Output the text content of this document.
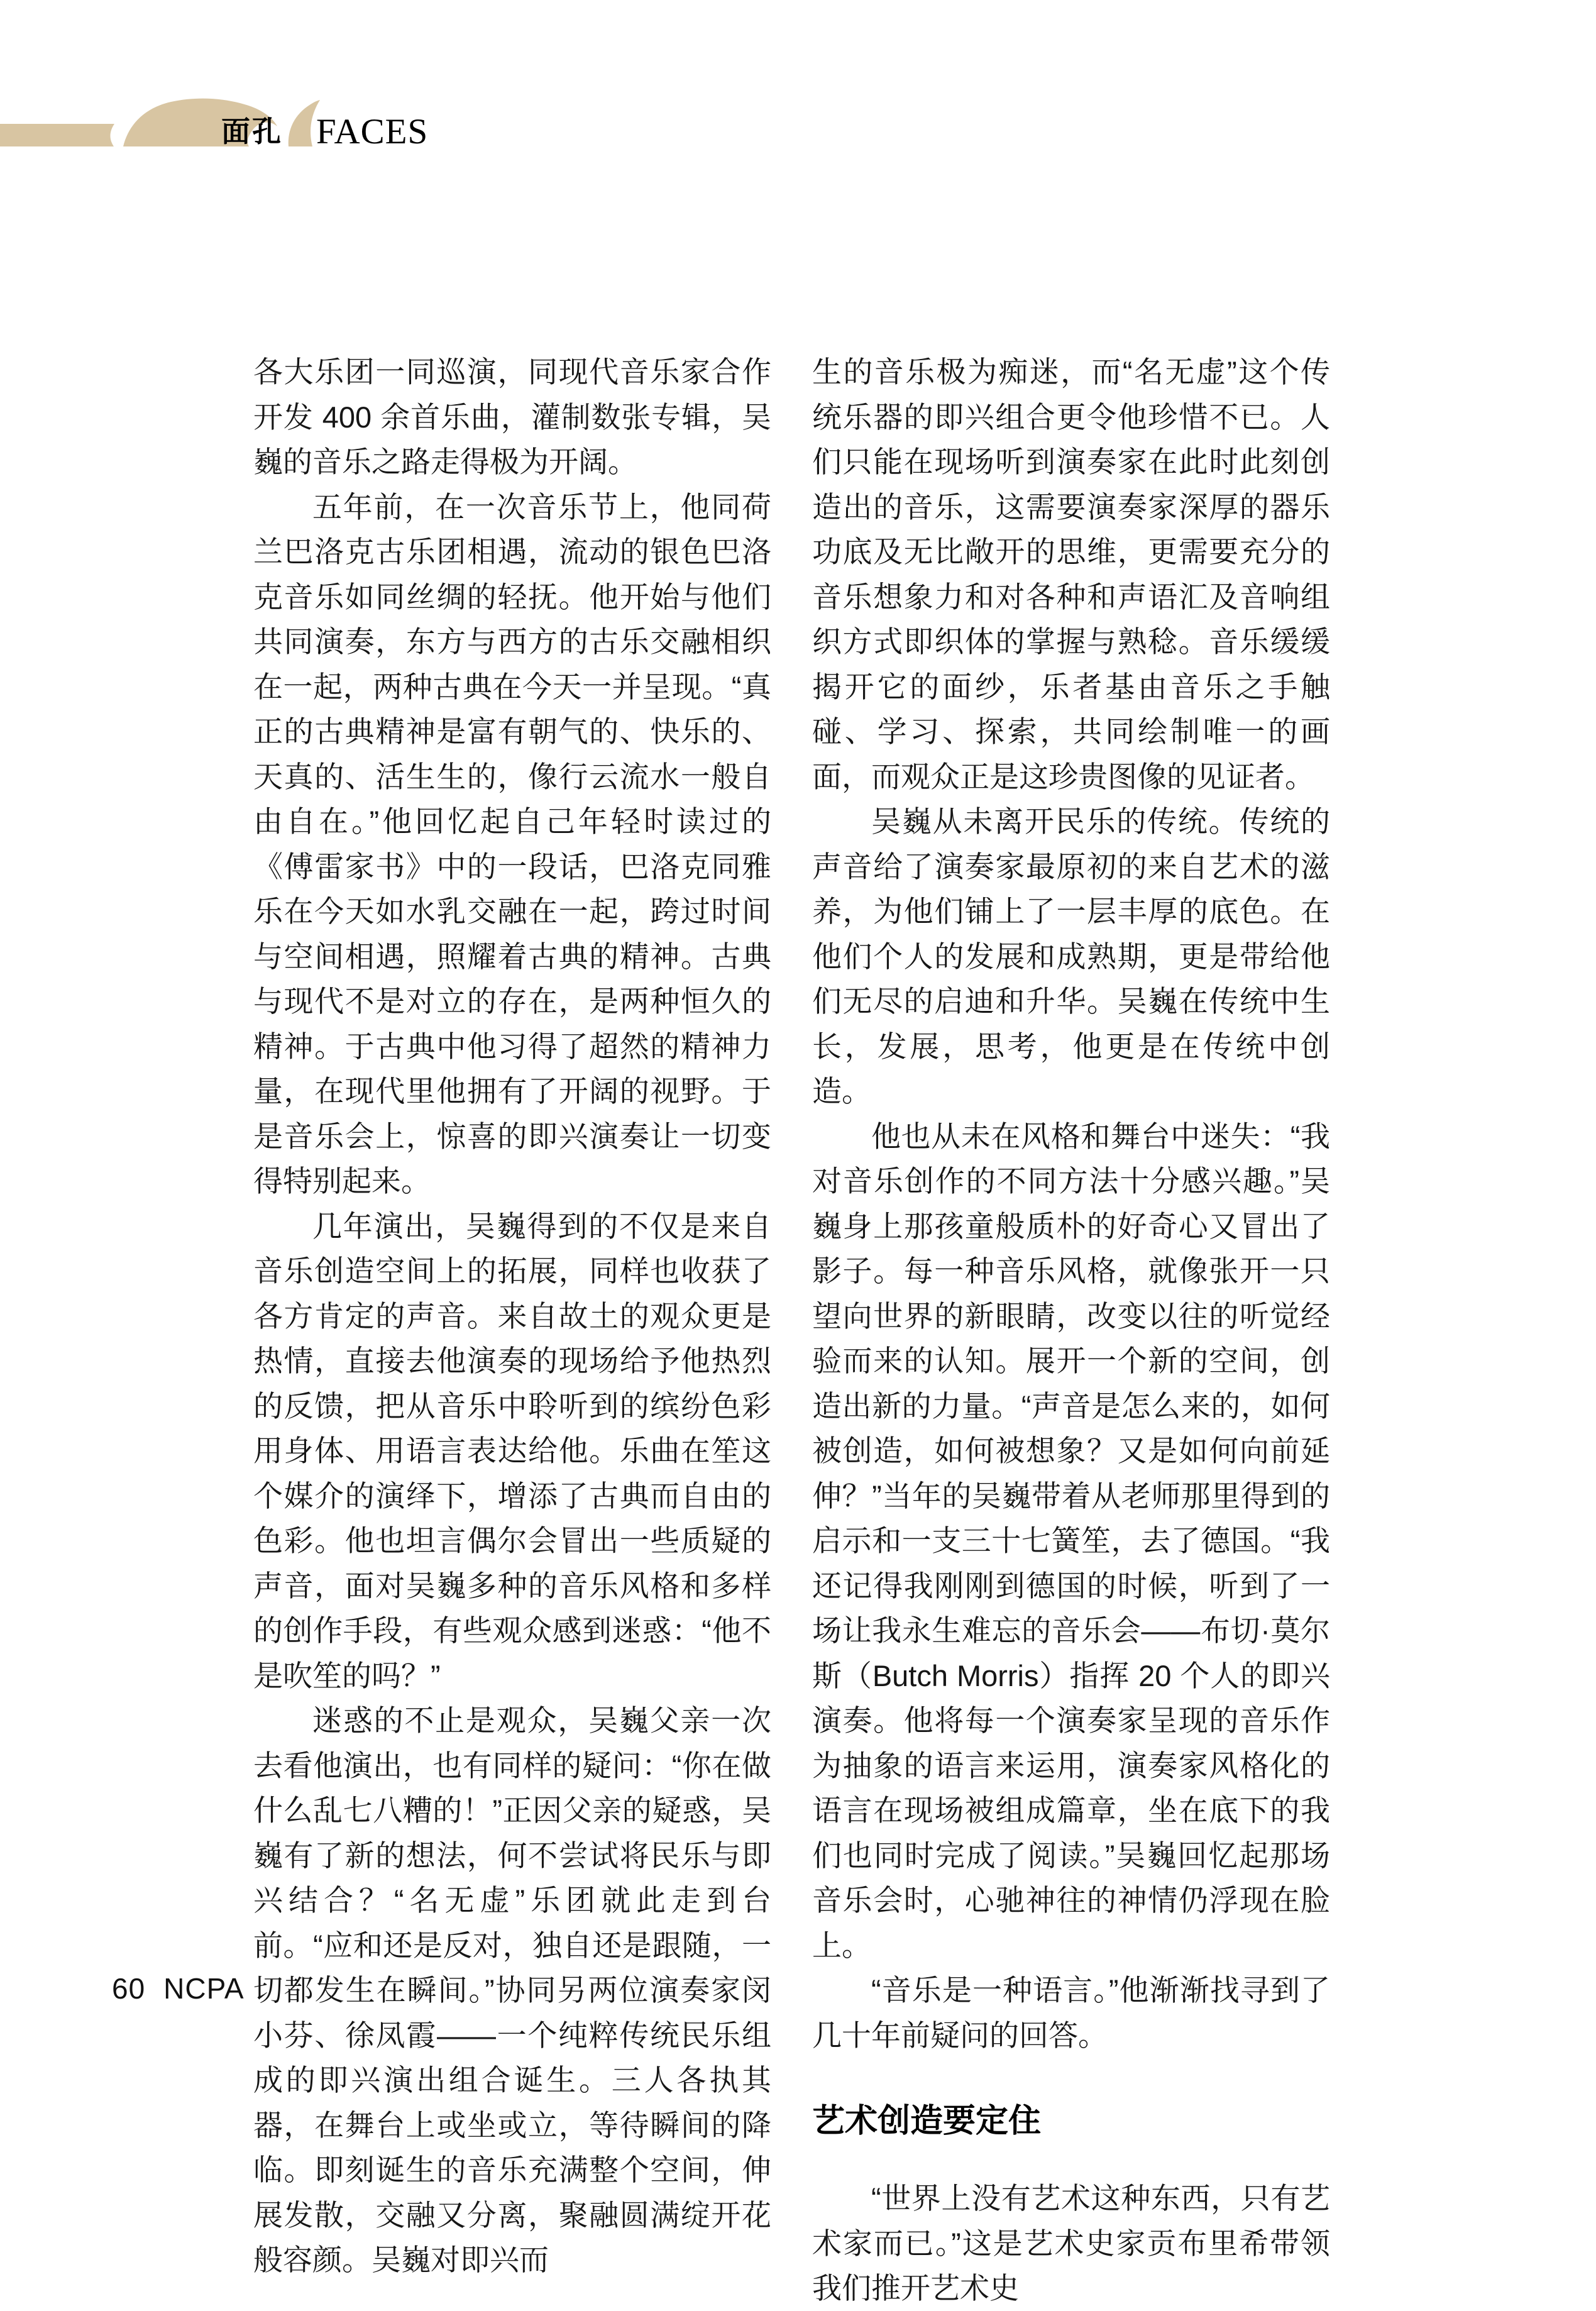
面孔 FACES

各大乐团一同巡演，同现代音乐家合作开发 400 余首乐曲，灌制数张专辑，吴巍的音乐之路走得极为开阔。

五年前，在一次音乐节上，他同荷兰巴洛克古乐团相遇，流动的银色巴洛克音乐如同丝绸的轻抚。他开始与他们共同演奏，东方与西方的古乐交融相织在一起，两种古典在今天一并呈现。“真正的古典精神是富有朝气的、快乐的、天真的、活生生的，像行云流水一般自由自在。”他回忆起自己年轻时读过的《傅雷家书》中的一段话，巴洛克同雅乐在今天如水乳交融在一起，跨过时间与空间相遇，照耀着古典的精神。古典与现代不是对立的存在，是两种恒久的精神。于古典中他习得了超然的精神力量，在现代里他拥有了开阔的视野。于是音乐会上，惊喜的即兴演奏让一切变得特别起来。

几年演出，吴巍得到的不仅是来自音乐创造空间上的拓展，同样也收获了各方肯定的声音。来自故土的观众更是热情，直接去他演奏的现场给予他热烈的反馈，把从音乐中聆听到的缤纷色彩用身体、用语言表达给他。乐曲在笙这个媒介的演绎下，增添了古典而自由的色彩。他也坦言偶尔会冒出一些质疑的声音，面对吴巍多种的音乐风格和多样的创作手段，有些观众感到迷惑：“他不是吹笙的吗？”

迷惑的不止是观众，吴巍父亲一次去看他演出，也有同样的疑问：“你在做什么乱七八糟的！”正因父亲的疑惑，吴巍有了新的想法，何不尝试将民乐与即兴结合？“名无虚”乐团就此走到台前。“应和还是反对，独自还是跟随，一切都发生在瞬间。”协同另两位演奏家闵小芬、徐凤霞——一个纯粹传统民乐组成的即兴演出组合诞生。三人各执其器，在舞台上或坐或立，等待瞬间的降临。即刻诞生的音乐充满整个空间，伸展发散，交融又分离，聚融圆满绽开花般容颜。吴巍对即兴而

生的音乐极为痴迷，而“名无虚”这个传统乐器的即兴组合更令他珍惜不已。人们只能在现场听到演奏家在此时此刻创造出的音乐，这需要演奏家深厚的器乐功底及无比敞开的思维，更需要充分的音乐想象力和对各种和声语汇及音响组织方式即织体的掌握与熟稔。音乐缓缓揭开它的面纱，乐者基由音乐之手触碰、学习、探索，共同绘制唯一的画面，而观众正是这珍贵图像的见证者。

吴巍从未离开民乐的传统。传统的声音给了演奏家最原初的来自艺术的滋养，为他们铺上了一层丰厚的底色。在他们个人的发展和成熟期，更是带给他们无尽的启迪和升华。吴巍在传统中生长，发展，思考，他更是在传统中创造。

他也从未在风格和舞台中迷失：“我对音乐创作的不同方法十分感兴趣。”吴巍身上那孩童般质朴的好奇心又冒出了影子。每一种音乐风格，就像张开一只望向世界的新眼睛，改变以往的听觉经验而来的认知。展开一个新的空间，创造出新的力量。“声音是怎么来的，如何被创造，如何被想象？又是如何向前延伸？”当年的吴巍带着从老师那里得到的启示和一支三十七簧笙，去了德国。“我还记得我刚刚到德国的时候，听到了一场让我永生难忘的音乐会——布切·莫尔斯（Butch Morris）指挥 20 个人的即兴演奏。他将每一个演奏家呈现的音乐作为抽象的语言来运用，演奏家风格化的语言在现场被组成篇章，坐在底下的我们也同时完成了阅读。”吴巍回忆起那场音乐会时，心驰神往的神情仍浮现在脸上。

“音乐是一种语言。”他渐渐找寻到了几十年前疑问的回答。

艺术创造要定住

“世界上没有艺术这种东西，只有艺术家而已。”这是艺术史家贡布里希带领我们推开艺术史

60 NCPA
